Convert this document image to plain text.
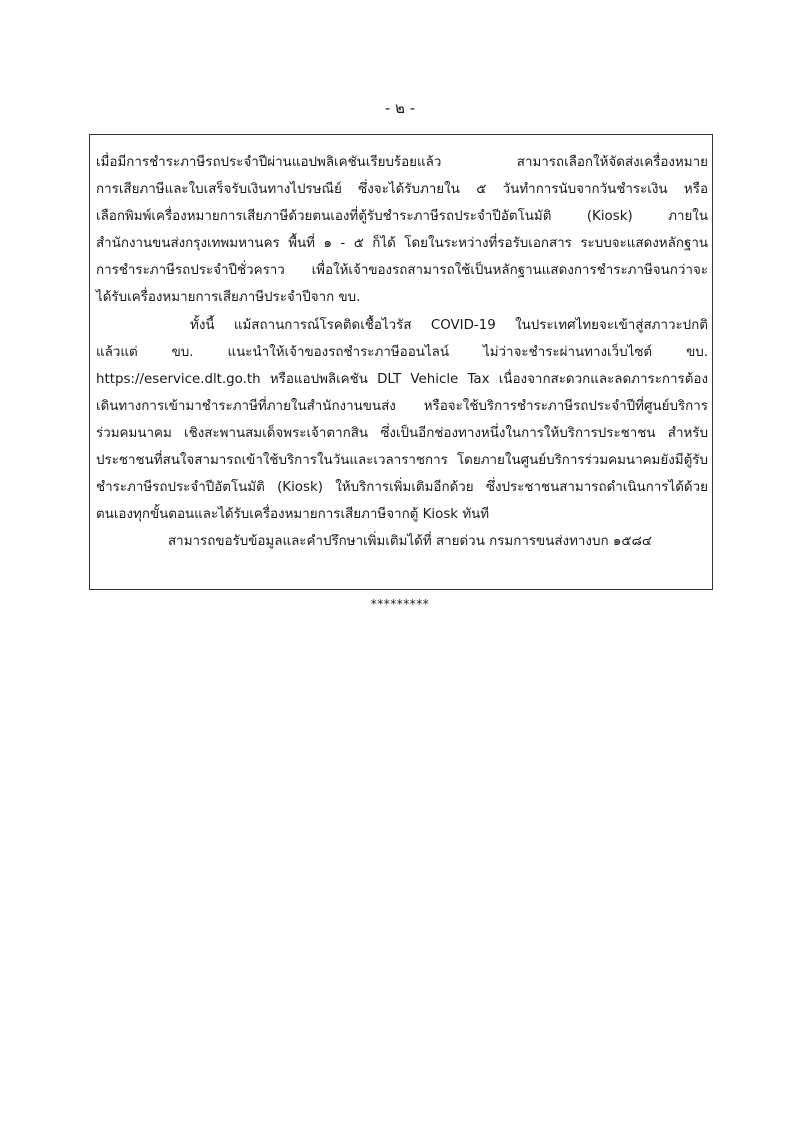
- ๒ -
เมื่อมีการชำระภาษีรถประจำปีผ่านแอปพลิเคชันเรียบร้อยแล้ว สามารถเลือกให้จัดส่งเครื่องหมาย
การเสียภาษีและใบเสร็จรับเงินทางไปรษณีย์ ซึ่งจะได้รับภายใน ๕ วันทำการนับจากวันชำระเงิน หรือ
เลือกพิมพ์เครื่องหมายการเสียภาษีด้วยตนเองที่ตู้รับชำระภาษีรถประจำปีอัตโนมัติ (Kiosk) ภายใน
สำนักงานขนส่งกรุงเทพมหานคร พื้นที่ ๑ - ๕ ก็ได้ โดยในระหว่างที่รอรับเอกสาร ระบบจะแสดงหลักฐาน
การชำระภาษีรถประจำปีชั่วคราว เพื่อให้เจ้าของรถสามารถใช้เป็นหลักฐานแสดงการชำระภาษีจนกว่าจะ
ได้รับเครื่องหมายการเสียภาษีประจำปีจาก ขบ.
ทั้งนี้ แม้สถานการณ์โรคติดเชื้อไวรัส COVID-19 ในประเทศไทยจะเข้าสู่สภาวะปกติ
แล้วแต่ ขบ. แนะนำให้เจ้าของรถชำระภาษีออนไลน์ ไม่ว่าจะชำระผ่านทางเว็บไซต์ ขบ.
https://eservice.dlt.go.th หรือแอปพลิเคชัน DLT Vehicle Tax เนื่องจากสะดวกและลดภาระการต้อง
เดินทางการเข้ามาชำระภาษีที่ภายในสำนักงานขนส่ง หรือจะใช้บริการชำระภาษีรถประจำปีที่ศูนย์บริการ
ร่วมคมนาคม เชิงสะพานสมเด็จพระเจ้าตากสิน ซึ่งเป็นอีกช่องทางหนึ่งในการให้บริการประชาชน สำหรับ
ประชาชนที่สนใจสามารถเข้าใช้บริการในวันและเวลาราชการ โดยภายในศูนย์บริการร่วมคมนาคมยังมีตู้รับ
ชำระภาษีรถประจำปีอัตโนมัติ (Kiosk) ให้บริการเพิ่มเติมอีกด้วย ซึ่งประชาชนสามารถดำเนินการได้ด้วย
ตนเองทุกขั้นตอนและได้รับเครื่องหมายการเสียภาษีจากตู้ Kiosk ทันที
สามารถขอรับข้อมูลและคำปรึกษาเพิ่มเติมได้ที่ สายด่วน กรมการขนส่งทางบก ๑๕๘๔
*********
